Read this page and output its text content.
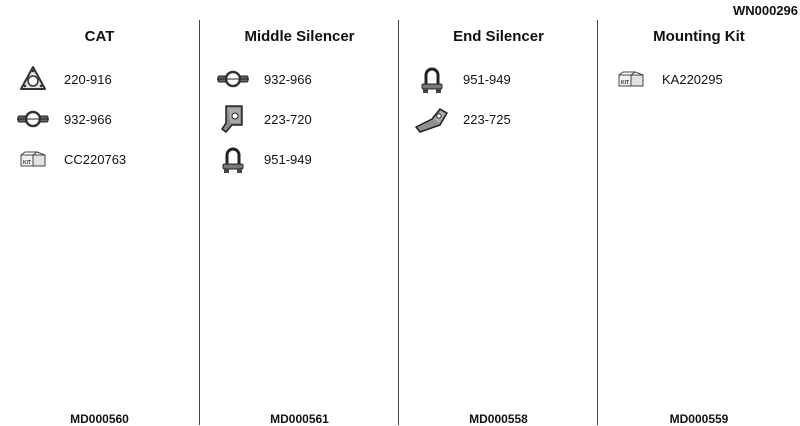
WN000296
CAT
220-916
932-966
KIT	CC220763
MD000560
Middle Silencer
932-966
223-720
951-949
MD000561
End Silencer
951-949
223-725
MD000558
Mounting Kit
KIT	KA220295
MD000559
